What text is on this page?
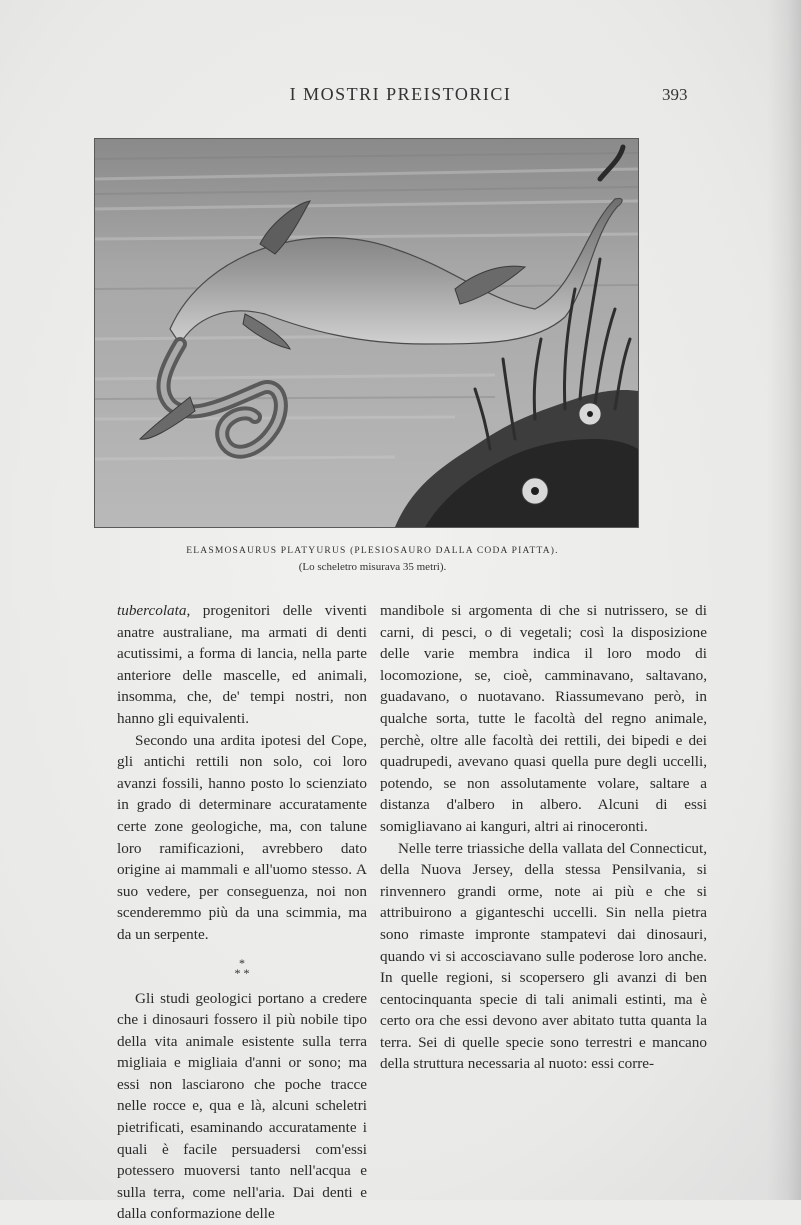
I MOSTRI PREISTORICI	393
ELASMOSAURUS PLATYURUS (PLESIOSAURO DALLA CODA PIATTA).
(Lo scheletro misurava 35 metri).

tubercolata, progenitori delle viventi anatre australiane, ma armati di denti acutissimi, a forma di lancia, nella parte anteriore delle mascelle, ed animali, insomma, che, de' tempi nostri, non hanno gli equivalenti.

Secondo una ardita ipotesi del Cope, gli antichi rettili non solo, coi loro avanzi fossili, hanno posto lo scienziato in grado di determinare accuratamente certe zone geologiche, ma, con talune loro ramificazioni, avrebbero dato origine ai mammali e all'uomo stesso. A suo vedere, per conseguenza, noi non scenderemmo più da una scimmia, ma da un serpente.

*
* *

Gli studi geologici portano a credere che i dinosauri fossero il più nobile tipo della vita animale esistente sulla terra migliaia e migliaia d'anni or sono; ma essi non lasciarono che poche tracce nelle rocce e, qua e là, alcuni scheletri pietrificati, esaminando accuratamente i quali è facile persuadersi com'essi potessero muoversi tanto nell'acqua e sulla terra, come nell'aria. Dai denti e dalla conformazione delle

mandibole si argomenta di che si nutrissero, se di carni, di pesci, o di vegetali; così la disposizione delle varie membra indica il loro modo di locomozione, se, cioè, camminavano, saltavano, guadavano, o nuotavano. Riassumevano però, in qualche sorta, tutte le facoltà del regno animale, perchè, oltre alle facoltà dei rettili, dei bipedi e dei quadrupedi, avevano quasi quella pure degli uccelli, potendo, se non assolutamente volare, saltare a distanza d'albero in albero. Alcuni di essi somigliavano ai kanguri, altri ai rinoceronti.

Nelle terre triassiche della vallata del Connecticut, della Nuova Jersey, della stessa Pensilvania, si rinvennero grandi orme, note ai più e che si attribuirono a giganteschi uccelli. Sin nella pietra sono rimaste impronte stampatevi dai dinosauri, quando vi si accosciavano sulle poderose loro anche. In quelle regioni, si scopersero gli avanzi di ben centocinquanta specie di tali animali estinti, ma è certo ora che essi devono aver abitato tutta quanta la terra. Sei di quelle specie sono terrestri e mancano della struttura necessaria al nuoto: essi corre-
